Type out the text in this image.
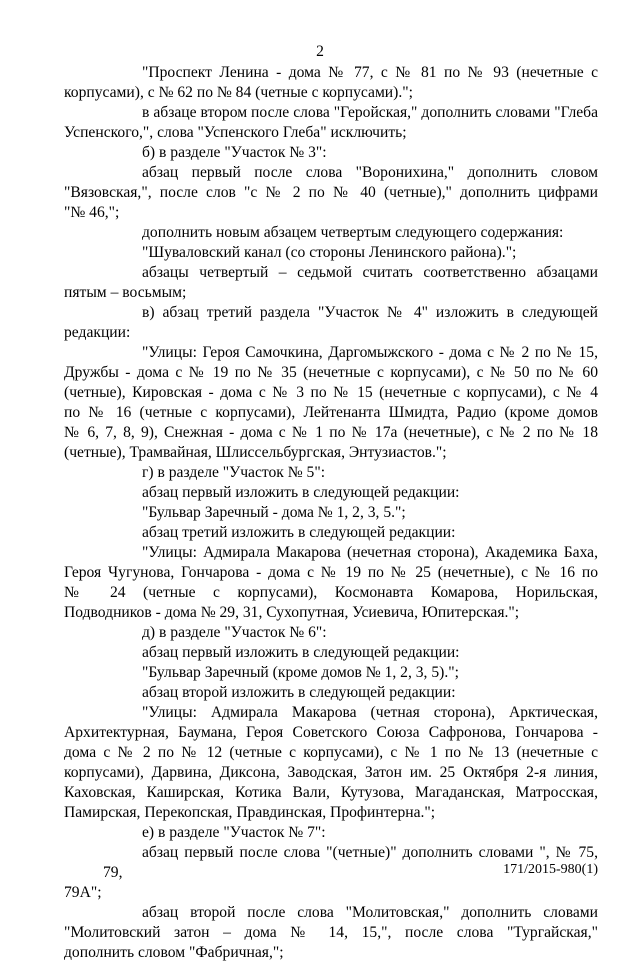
2
"Проспект Ленина - дома № 77, с № 81 по № 93 (нечетные с
корпусами), с № 62 по № 84 (четные с корпусами).";
в абзаце втором после слова "Геройская," дополнить словами "Глеба
Успенского,", слова "Успенского Глеба" исключить;
б) в разделе "Участок № 3":
абзац первый после слова "Воронихина," дополнить словом
"Вязовская,", после слов "с № 2 по № 40 (четные)," дополнить цифрами
"№ 46,";
дополнить новым абзацем четвертым следующего содержания:
"Шуваловский канал (со стороны Ленинского района).";
абзацы четвертый – седьмой считать соответственно абзацами
пятым – восьмым;
в) абзац третий раздела "Участок № 4" изложить в следующей
редакции:
"Улицы: Героя Самочкина, Даргомыжского - дома с № 2 по № 15,
Дружбы - дома с № 19 по № 35 (нечетные с корпусами), с № 50 по № 60
(четные), Кировская - дома с № 3 по № 15 (нечетные с корпусами), с № 4
по № 16 (четные с корпусами), Лейтенанта Шмидта, Радио (кроме домов
№ 6, 7, 8, 9), Снежная - дома с № 1 по № 17а (нечетные), с № 2 по № 18
(четные), Трамвайная, Шлиссельбургская, Энтузиастов.";
г) в разделе "Участок № 5":
абзац первый изложить в следующей редакции:
"Бульвар Заречный - дома № 1, 2, 3, 5.";
абзац третий изложить в следующей редакции:
"Улицы: Адмирала Макарова (нечетная сторона), Академика Баха,
Героя Чугунова, Гончарова - дома с № 19 по № 25 (нечетные), с № 16 по
№ 24 (четные с корпусами), Космонавта Комарова, Норильская,
Подводников - дома № 29, 31, Сухопутная, Усиевича, Юпитерская.";
д) в разделе "Участок № 6":
абзац первый изложить в следующей редакции:
"Бульвар Заречный (кроме домов № 1, 2, 3, 5).";
абзац второй изложить в следующей редакции:
"Улицы: Адмирала Макарова (четная сторона), Арктическая,
Архитектурная, Баумана, Героя Советского Союза Сафронова, Гончарова -
дома с № 2 по № 12 (четные с корпусами), с № 1 по № 13 (нечетные с
корпусами), Дарвина, Диксона, Заводская, Затон им. 25 Октября 2-я линия,
Каховская, Каширская, Котика Вали, Кутузова, Магаданская, Матросская,
Памирская, Перекопская, Правдинская, Профинтерна.";
е) в разделе "Участок № 7":
абзац первый после слова "(четные)" дополнить словами ", № 75, 79,
79А";
абзац второй после слова "Молитовская," дополнить словами
"Молитовский затон – дома № 14, 15,", после слова "Тургайская,"
дополнить словом "Фабричная,";
171/2015-980(1)
